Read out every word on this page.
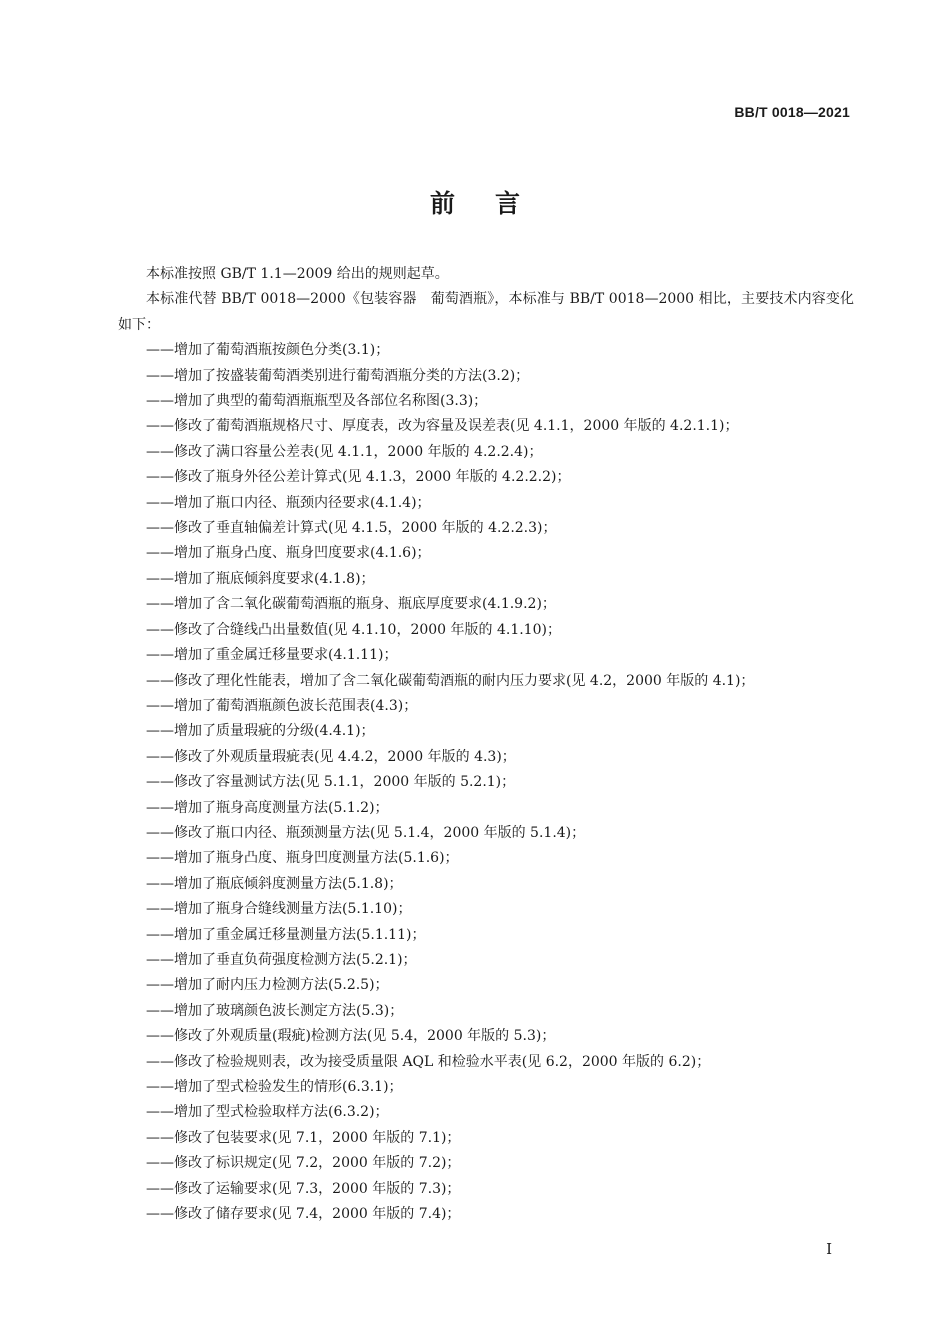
BB/T 0018—2021
前言

本标准按照 GB/T 1.1—2009 给出的规则起草。

本标准代替 BB/T 0018—2000《包装容器　葡萄酒瓶》，本标准与 BB/T 0018—2000 相比，主要技术内容变化如下：

——增加了葡萄酒瓶按颜色分类(3.1)；
——增加了按盛装葡萄酒类别进行葡萄酒瓶分类的方法(3.2)；
——增加了典型的葡萄酒瓶瓶型及各部位名称图(3.3)；
——修改了葡萄酒瓶规格尺寸、厚度表，改为容量及误差表(见 4.1.1，2000 年版的 4.2.1.1)；
——修改了满口容量公差表(见 4.1.1，2000 年版的 4.2.2.4)；
——修改了瓶身外径公差计算式(见 4.1.3，2000 年版的 4.2.2.2)；
——增加了瓶口内径、瓶颈内径要求(4.1.4)；
——修改了垂直轴偏差计算式(见 4.1.5，2000 年版的 4.2.2.3)；
——增加了瓶身凸度、瓶身凹度要求(4.1.6)；
——增加了瓶底倾斜度要求(4.1.8)；
——增加了含二氧化碳葡萄酒瓶的瓶身、瓶底厚度要求(4.1.9.2)；
——修改了合缝线凸出量数值(见 4.1.10，2000 年版的 4.1.10)；
——增加了重金属迁移量要求(4.1.11)；
——修改了理化性能表，增加了含二氧化碳葡萄酒瓶的耐内压力要求(见 4.2，2000 年版的 4.1)；
——增加了葡萄酒瓶颜色波长范围表(4.3)；
——增加了质量瑕疵的分级(4.4.1)；
——修改了外观质量瑕疵表(见 4.4.2，2000 年版的 4.3)；
——修改了容量测试方法(见 5.1.1，2000 年版的 5.2.1)；
——增加了瓶身高度测量方法(5.1.2)；
——修改了瓶口内径、瓶颈测量方法(见 5.1.4，2000 年版的 5.1.4)；
——增加了瓶身凸度、瓶身凹度测量方法(5.1.6)；
——增加了瓶底倾斜度测量方法(5.1.8)；
——增加了瓶身合缝线测量方法(5.1.10)；
——增加了重金属迁移量测量方法(5.1.11)；
——增加了垂直负荷强度检测方法(5.2.1)；
——增加了耐内压力检测方法(5.2.5)；
——增加了玻璃颜色波长测定方法(5.3)；
——修改了外观质量(瑕疵)检测方法(见 5.4，2000 年版的 5.3)；
——修改了检验规则表，改为接受质量限 AQL 和检验水平表(见 6.2，2000 年版的 6.2)；
——增加了型式检验发生的情形(6.3.1)；
——增加了型式检验取样方法(6.3.2)；
——修改了包装要求(见 7.1，2000 年版的 7.1)；
——修改了标识规定(见 7.2，2000 年版的 7.2)；
——修改了运输要求(见 7.3，2000 年版的 7.3)；
——修改了储存要求(见 7.4，2000 年版的 7.4)；
I
